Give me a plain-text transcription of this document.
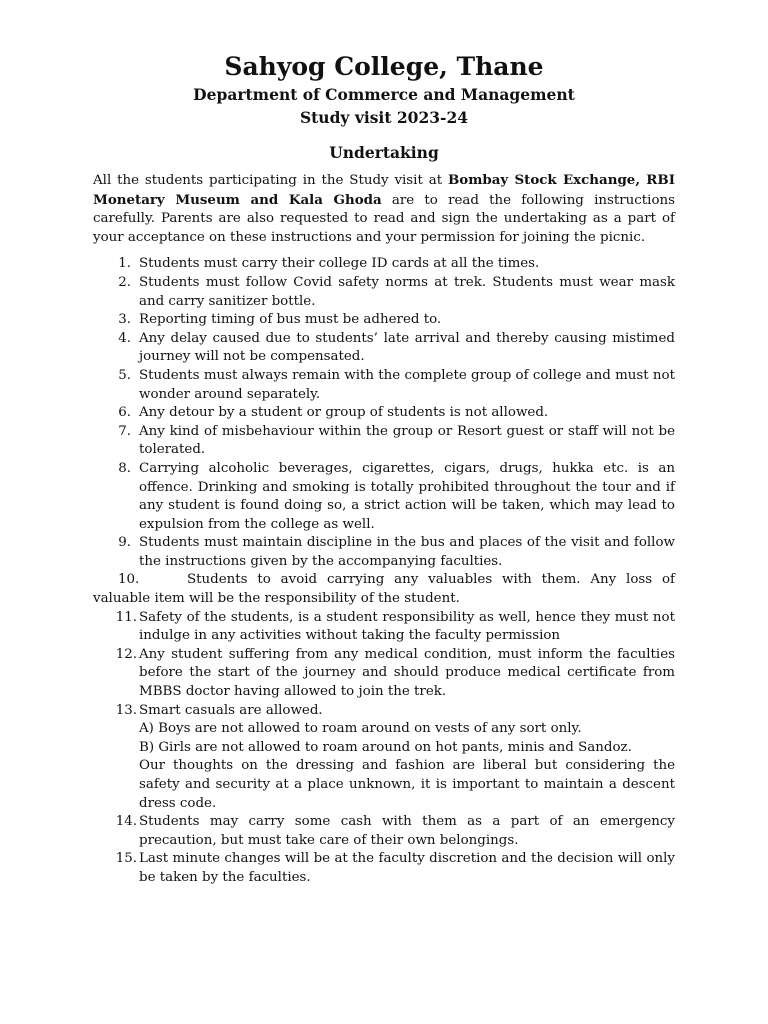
Sahyog College, Thane
Department of Commerce and Management
Study visit 2023-24
Undertaking

All the students participating in the Study visit at Bombay Stock Exchange, RBI Monetary Museum and Kala Ghoda are to read the following instructions carefully. Parents are also requested to read and sign the undertaking as a part of your acceptance on these instructions and your permission for joining the picnic.

1. Students must carry their college ID cards at all the times.
2. Students must follow Covid safety norms at trek. Students must wear mask and carry sanitizer bottle.
3. Reporting timing of bus must be adhered to.
4. Any delay caused due to students’ late arrival and thereby causing mistimed journey will not be compensated.
5. Students must always remain with the complete group of college and must not wonder around separately.
6. Any detour by a student or group of students is not allowed.
7. Any kind of misbehaviour within the group or Resort guest or staff will not be tolerated.
8. Carrying alcoholic beverages, cigarettes, cigars, drugs, hukka etc. is an offence. Drinking and smoking is totally prohibited throughout the tour and if any student is found doing so, a strict action will be taken, which may lead to expulsion from the college as well.
9. Students must maintain discipline in the bus and places of the visit and follow the instructions given by the accompanying faculties.
10.	Students to avoid carrying any valuables with them. Any loss of valuable item will be the responsibility of the student.
11. Safety of the students, is a student responsibility as well, hence they must not indulge in any activities without taking the faculty permission
12. Any student suffering from any medical condition, must inform the faculties before the start of the journey and should produce medical certificate from MBBS doctor having allowed to join the trek.
13. Smart casuals are allowed.
A) Boys are not allowed to roam around on vests of any sort only.
B) Girls are not allowed to roam around on hot pants, minis and Sandoz.
Our thoughts on the dressing and fashion are liberal but considering the safety and security at a place unknown, it is important to maintain a descent dress code.
14. Students may carry some cash with them as a part of an emergency precaution, but must take care of their own belongings.
15. Last minute changes will be at the faculty discretion and the decision will only be taken by the faculties.
